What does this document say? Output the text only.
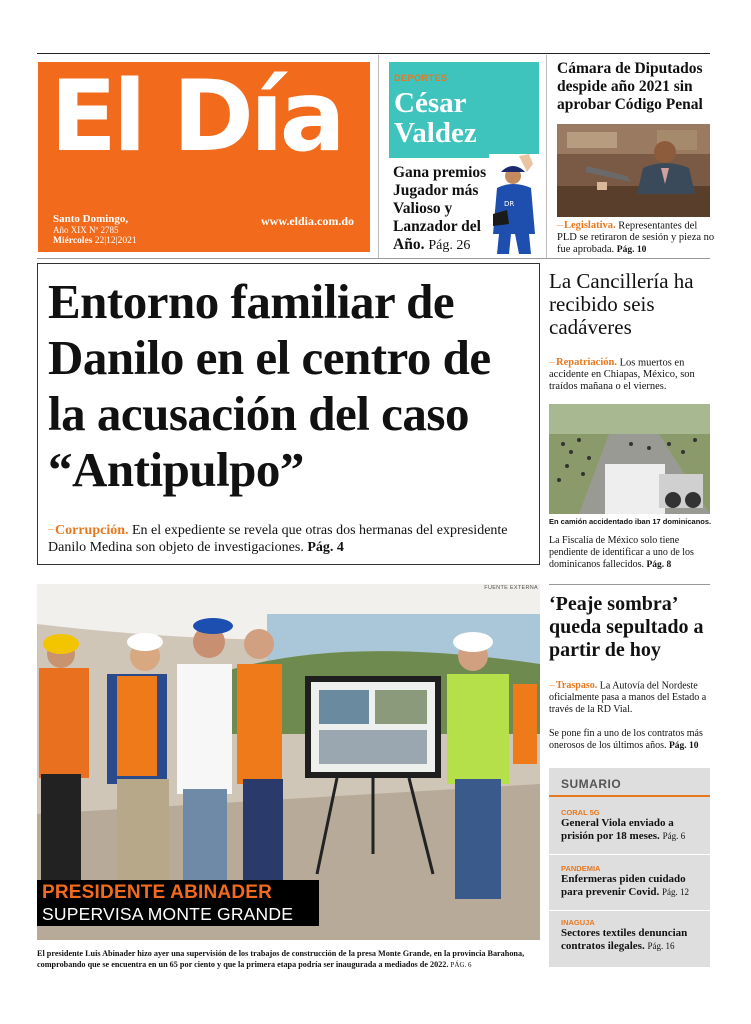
El Día
Santo Domingo,
Año XIX Nº 2785
Miércoles 22|12|2021
www.eldia.com.do
DEPORTES
César
Valdez
Gana premios Jugador más Valioso y Lanzador del Año. Pág. 26
DR
Cámara de Diputados despide año 2021 sin aprobar Código Penal
— Legislativa. Representantes del PLD se retiraron de sesión y pieza no fue aprobada. Pág. 10
Entorno familiar de Danilo en el centro de la acusación del caso “Antipulpo”
— Corrupción. En el expediente se revela que otras dos hermanas del expresidente Danilo Medina son objeto de investigaciones. Pág. 4
La Cancillería ha recibido seis cadáveres
— Repatriación. Los muertos en accidente en Chiapas, México, son traídos mañana o el viernes.
En camión accidentado iban 17 dominicanos.
La Fiscalía de México solo tiene pendiente de identificar a uno de los dominicanos fallecidos. Pág. 8
FUENTE EXTERNA
PRESIDENTE ABINADER
SUPERVISA MONTE GRANDE
El presidente Luis Abinader hizo ayer una supervisión de los trabajos de construcción de la presa Monte Grande, en la provincia Barahona, comprobando que se encuentra en un 65 por ciento y que la primera etapa podría ser inaugurada a mediados de 2022. PÁG. 6
‘Peaje sombra’ queda sepultado a partir de hoy
— Traspaso. La Autovía del Nordeste oficialmente pasa a manos del Estado a través de la RD Vial.
Se pone fin a uno de los contratos más onerosos de los últimos años. Pág. 10
SUMARIO
CORAL 5G
General Viola enviado a prisión por 18 meses. Pág. 6
PANDEMIA
Enfermeras piden cuidado para prevenir Covid. Pág. 12
INAGUJA
Sectores textiles denuncian contratos ilegales. Pág. 16
